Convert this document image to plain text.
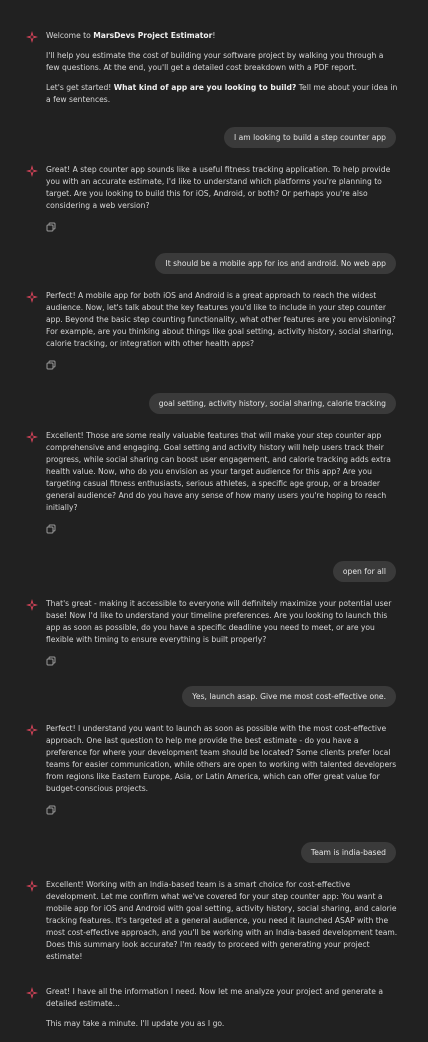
Welcome to MarsDevs Project Estimator!

I'll help you estimate the cost of building your software project by walking you through a few questions. At the end, you'll get a detailed cost breakdown with a PDF report.

Let's get started! What kind of app are you looking to build? Tell me about your idea in a few sentences.

I am looking to build a step counter app

Great! A step counter app sounds like a useful fitness tracking application. To help provide you with an accurate estimate, I'd like to understand which platforms you're planning to target. Are you looking to build this for iOS, Android, or both? Or perhaps you're also considering a web version?

It should be a mobile app for ios and android. No web app

Perfect! A mobile app for both iOS and Android is a great approach to reach the widest audience. Now, let's talk about the key features you'd like to include in your step counter app. Beyond the basic step counting functionality, what other features are you envisioning? For example, are you thinking about things like goal setting, activity history, social sharing, calorie tracking, or integration with other health apps?

goal setting, activity history, social sharing, calorie tracking

Excellent! Those are some really valuable features that will make your step counter app comprehensive and engaging. Goal setting and activity history will help users track their progress, while social sharing can boost user engagement, and calorie tracking adds extra health value. Now, who do you envision as your target audience for this app? Are you targeting casual fitness enthusiasts, serious athletes, a specific age group, or a broader general audience? And do you have any sense of how many users you're hoping to reach initially?

open for all

That's great - making it accessible to everyone will definitely maximize your potential user base! Now I'd like to understand your timeline preferences. Are you looking to launch this app as soon as possible, do you have a specific deadline you need to meet, or are you flexible with timing to ensure everything is built properly?

Yes, launch asap. Give me most cost-effective one.

Perfect! I understand you want to launch as soon as possible with the most cost-effective approach. One last question to help me provide the best estimate - do you have a preference for where your development team should be located? Some clients prefer local teams for easier communication, while others are open to working with talented developers from regions like Eastern Europe, Asia, or Latin America, which can offer great value for budget-conscious projects.

Team is india-based

Excellent! Working with an India-based team is a smart choice for cost-effective development. Let me confirm what we've covered for your step counter app: You want a mobile app for iOS and Android with goal setting, activity history, social sharing, and calorie tracking features. It's targeted at a general audience, you need it launched ASAP with the most cost-effective approach, and you'll be working with an India-based development team. Does this summary look accurate? I'm ready to proceed with generating your project estimate!

Great! I have all the information I need. Now let me analyze your project and generate a detailed estimate...

This may take a minute. I'll update you as I go.
